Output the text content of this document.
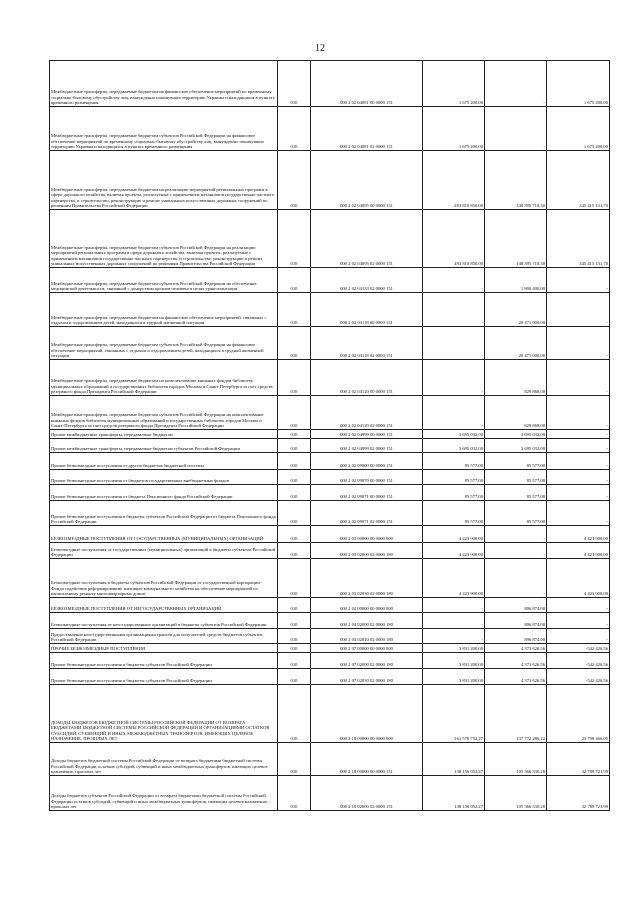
12
Межбюджетные трансферты, передаваемые бюджетам на финансовое обеспечение мероприятий по временному социально-бытовому обустройству лиц, вынужденно покинувших территорию Украины и находящихся в пунктах временного размещения	010	000 2 02 04081 00 0000 151	1 675 200,00	-	1 675 200,00

Межбюджетные трансферты, передаваемые бюджетам субъектов Российской Федерации на финансовое обеспечение мероприятий по временному социально-бытовому обустройству лиц, вынужденно покинувших территорию Украины и находящихся в пунктах временного размещения	010	000 2 02 04081 02 0000 151	1 675 200,00	-	1 675 200,00

Межбюджетные трансферты, передаваемые бюджетам на реализацию мероприятий региональных программ в сфере дорожного хозяйства, включая проекты, реализуемые с применением механизмов государственно-частного партнерства, и строительство, реконструкцию и ремонт уникальных искусственных дорожных сооружений по решениям Правительства Российской Федерации	010	000 2 02 04095 00 0000 151	493 810 850,00	148 395 718,30	345 415 131,70

Межбюджетные трансферты, передаваемые бюджетам субъектов Российской Федерации на реализацию мероприятий региональных программ в сфере дорожного хозяйства, включая проекты, реализуемые с применением механизмов государственно-частного партнерства, и строительство, реконструкцию и ремонт уникальных искусственных дорожных сооружений по решениям Правительства Российской Федерации	010	000 2 02 04095 02 0000 151	493 810 850,00	148 395 718,30	345 415 131,70

Межбюджетные трансферты, передаваемые бюджетам субъектов Российской Федерации на обеспечение медицинской деятельности, связанной с донорством органов человека в целях трансплантации	010	000 2 02 04133 02 0000 151	-	1 800 400,00	-

Межбюджетные трансферты, передаваемые бюджетам на финансовое обеспечение мероприятий, связанных с отдыхом и оздоровлением детей, находящихся в трудной жизненной ситуации	010	000 2 02 04118 00 0000 151	-	20 471 000,00	-

Межбюджетные трансферты, передаваемые бюджетам субъектов Российской Федерации на финансовое обеспечение мероприятий, связанных с отдыхом и оздоровлением детей, находящихся в трудной жизненной ситуации	010	000 2 02 04118 02 0000 151	-	20 471 000,00	-

Межбюджетные трансферты, передаваемые бюджетам на комплектование книжных фондов библиотек муниципальных образований и государственных библиотек городов Москвы и Санкт-Петербурга за счет средств резервного фонда Президента Российской Федерации	010	000 2 02 04120 00 0000 151	-	829 868,00	-

Межбюджетные трансферты, передаваемые бюджетам субъектов Российской Федерации на комплектование книжных фондов библиотек муниципальных образований и государственных библиотек городов Москвы и Санкт-Петербурга за счет средств резервного фонда Президента Российской Федерации	010	000 2 02 04120 02 0000 151	-	829 868,00	-

Прочие межбюджетные трансферты, передаваемые бюджетам	010	000 2 02 04999 00 0000 151	3 695 032,00	3 695 032,00	-

Прочие межбюджетные трансферты, передаваемые бюджетам субъектов Российской Федерации	010	000 2 02 04999 02 0000 151	3 695 032,00	3 695 032,00	-

Прочие безвозмездные поступления от других бюджетов бюджетной системы	010	000 2 02 09000 00 0000 151	85 577,00	85 577,00	-

Прочие безвозмездные поступления от бюджетов государственных внебюджетных фондов	010	000 2 02 09070 00 0000 151	85 577,00	85 577,00	-

Прочие безвозмездные поступления от бюджета Пенсионного фонда Российской Федерации	010	000 2 02 09071 00 0000 151	85 577,00	85 577,00	-

Прочие безвозмездные поступления в бюджеты субъектов Российской Федерации от бюджета Пенсионного фонда Российской Федерации	010	000 2 02 09071 02 0000 151	85 577,00	85 577,00	-

БЕЗВОЗМЕЗДНЫЕ ПОСТУПЛЕНИЯ ОТ ГОСУДАРСТВЕННЫХ (МУНИЦИПАЛЬНЫХ) ОРГАНИЗАЦИЙ	010	000 2 03 00000 00 0000 000	4 423 900,00	-	4 423 900,00

Безвозмездные поступления от государственных (муниципальных) организаций в бюджеты субъектов Российской Федерации	010	000 2 03 02000 02 0000 180	4 423 900,00	-	4 423 900,00

Безвозмездные поступления в бюджеты субъектов Российской Федерации от государственной корпорации - Фонда содействия реформированию жилищно-коммунального хозяйства на обеспечение мероприятий по капитальному ремонту многоквартирных домов	010	000 2 03 02030 02 0000 180	4 423 900,00	-	4 423 900,00

БЕЗВОЗМЕЗДНЫЕ ПОСТУПЛЕНИЯ ОТ НЕГОСУДАРСТВЕННЫХ ОРГАНИЗАЦИЙ	010	000 2 04 00000 00 0000 000	-	896 874,00	-

Безвозмездные поступления от негосударственных организаций в бюджеты субъектов Российской Федерации	010	000 2 04 02000 02 0000 180	-	896 874,00	-

Предоставление негосударственными организациями грантов для получателей средств бюджетов субъектов Российской Федерации	010	000 2 04 02010 02 0000 180	-	896 874,00	-

ПРОЧИЕ БЕЗВОЗМЕЗДНЫЕ ПОСТУПЛЕНИЯ	010	000 2 07 00000 00 0000 000	3 831 200,00	4 373 626,56	-542 426,56

Прочие безвозмездные поступления в бюджеты субъектов Российской Федерации	010	000 2 07 02000 02 0000 180	3 831 200,00	4 373 626,56	-542 426,56

Прочие безвозмездные поступления в бюджеты субъектов Российской Федерации	010	000 2 07 02030 02 0000 180	3 831 200,00	4 373 626,56	-542 426,56

ДОХОДЫ БЮДЖЕТОВ БЮДЖЕТНОЙ СИСТЕМЫ РОССИЙСКОЙ ФЕДЕРАЦИИ ОТ ВОЗВРАТА БЮДЖЕТАМИ БЮДЖЕТНОЙ СИСТЕМЫ РОССИЙСКОЙ ФЕДЕРАЦИИ И ОРГАНИЗАЦИЯМИ ОСТАТКОВ СУБСИДИЙ, СУБВЕНЦИЙ И ИНЫХ МЕЖБЮДЖЕТНЫХ ТРАНСФЕРТОВ, ИМЕЮЩИХ ЦЕЛЕВОЕ НАЗНАЧЕНИЕ, ПРОШЛЫХ ЛЕТ	010	000 2 18 00000 00 0000 000	161 570 752,27	137 772 286,22	23 798 466,05

Доходы бюджетов бюджетной системы Российской Федерации от возврата бюджетами бюджетной системы Российской Федерации остатков субсидий, субвенций и иных межбюджетных трансфертов, имеющих целевое назначение, прошлых лет	010	000 2 18 00000 00 0000 151	138 156 052,27	105 366 330,28	32 789 721,99

Доходы бюджетов субъектов Российской Федерации от возврата бюджетами бюджетной системы Российской Федерации остатков субсидий, субвенций и иных межбюджетных трансфертов, имеющих целевое назначение, прошлых лет	010	000 2 18 02000 02 0000 151	138 156 052,27	105 366 330,28	32 789 721,99
